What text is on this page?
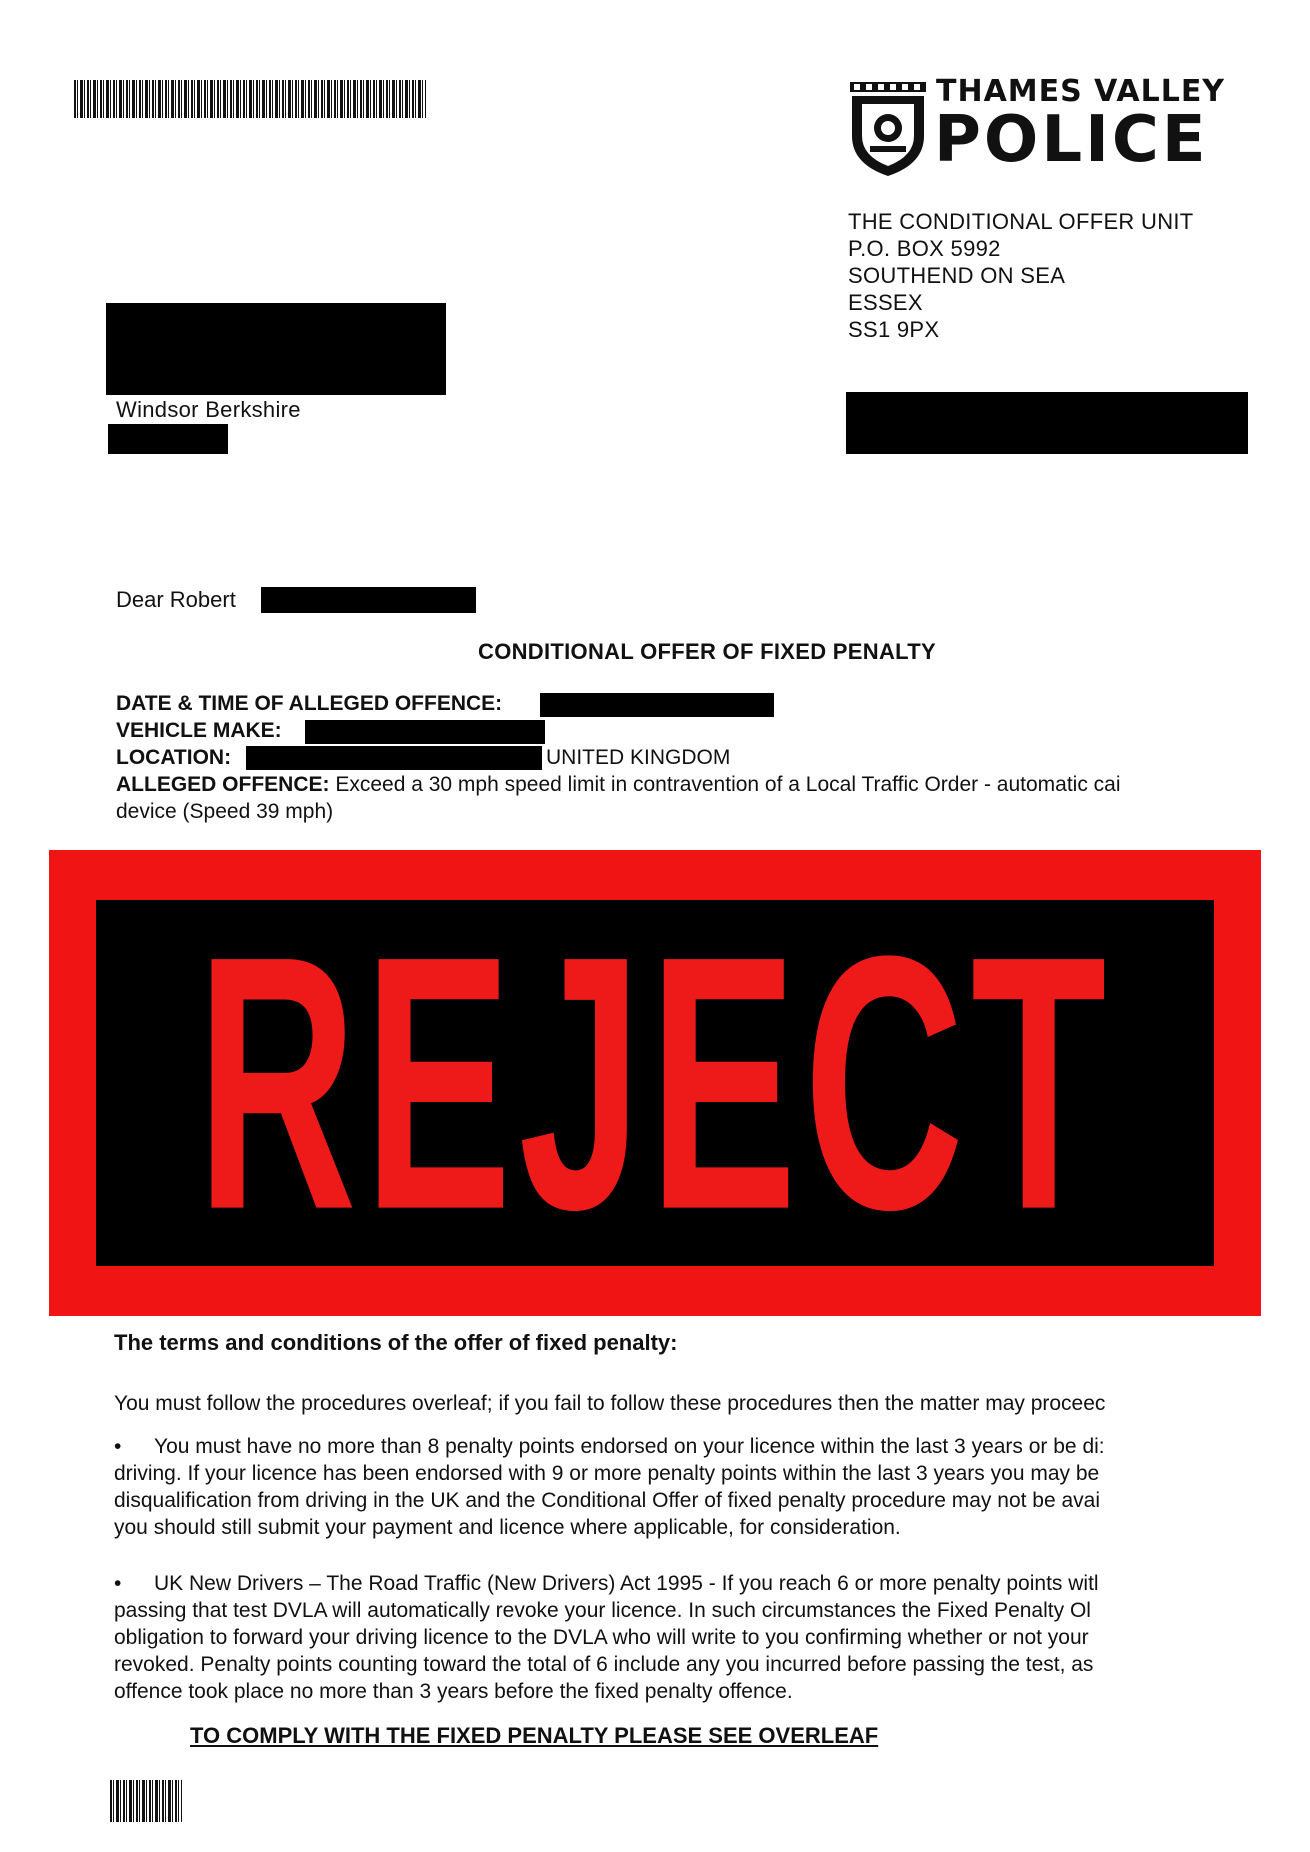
THAMES VALLEY
POLICE
THE CONDITIONAL OFFER UNIT
P.O. BOX 5992
SOUTHEND ON SEA
ESSEX
SS1 9PX
Windsor Berkshire
Dear Robert
CONDITIONAL OFFER OF FIXED PENALTY
DATE & TIME OF ALLEGED OFFENCE:
VEHICLE MAKE:
LOCATION:	UNITED KINGDOM
ALLEGED OFFENCE: Exceed a 30 mph speed limit in contravention of a Local Traffic Order - automatic cai
device (Speed 39 mph)
REJECT
The terms and conditions of the offer of fixed penalty:
You must follow the procedures overleaf; if you fail to follow these procedures then the matter may proceec
• You must have no more than 8 penalty points endorsed on your licence within the last 3 years or be di:
driving. If your licence has been endorsed with 9 or more penalty points within the last 3 years you may be
disqualification from driving in the UK and the Conditional Offer of fixed penalty procedure may not be avai
you should still submit your payment and licence where applicable, for consideration.
• UK New Drivers – The Road Traffic (New Drivers) Act 1995 - If you reach 6 or more penalty points witl
passing that test DVLA will automatically revoke your licence. In such circumstances the Fixed Penalty Ol
obligation to forward your driving licence to the DVLA who will write to you confirming whether or not your
revoked. Penalty points counting toward the total of 6 include any you incurred before passing the test, as
offence took place no more than 3 years before the fixed penalty offence.
TO COMPLY WITH THE FIXED PENALTY PLEASE SEE OVERLEAF
